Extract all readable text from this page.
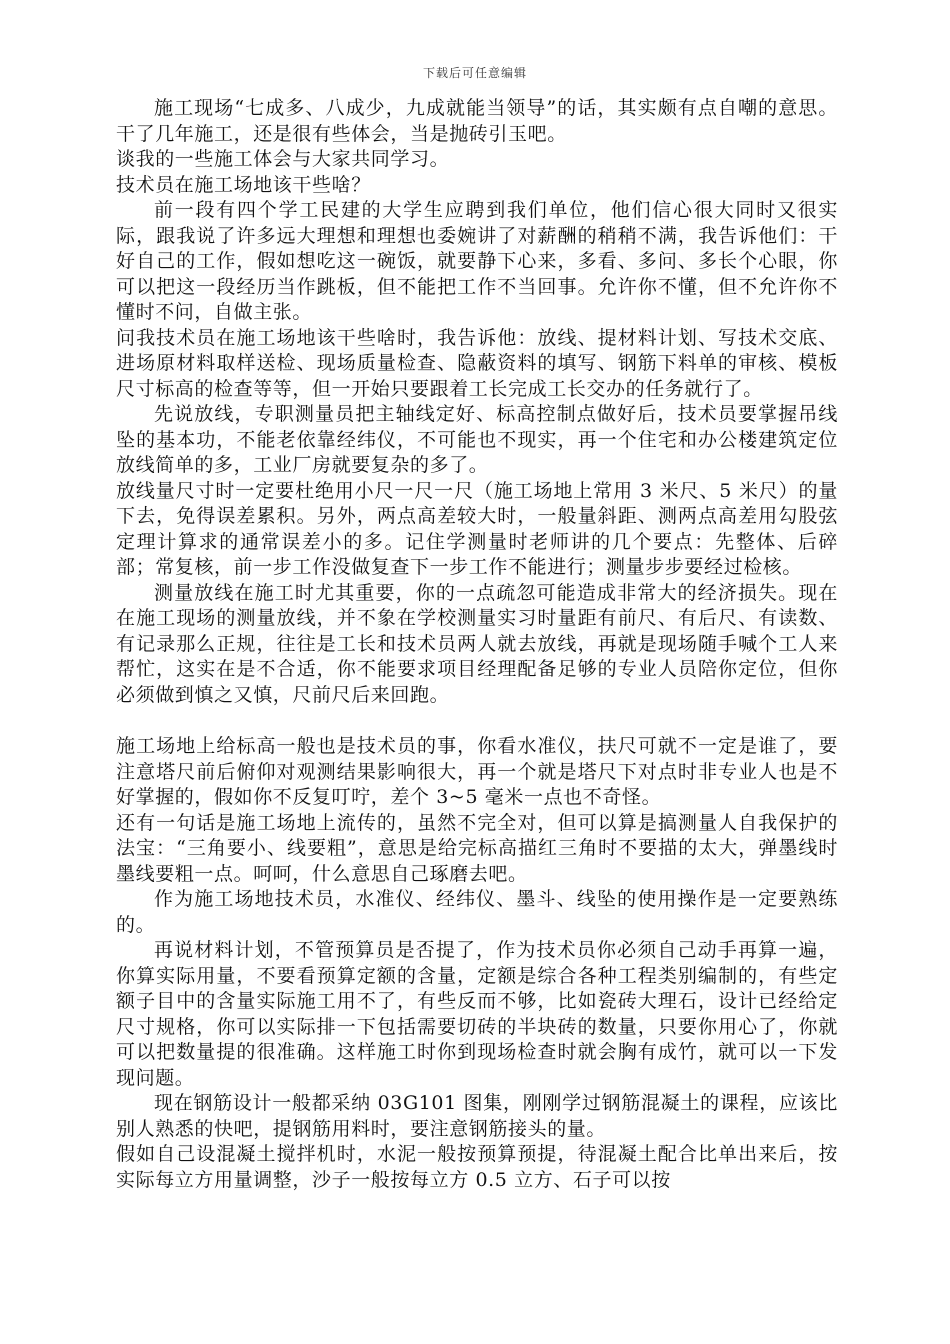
下载后可任意编辑

施工现场“七成多、八成少，九成就能当领导”的话，其实颇有点自嘲的意思。干了几年施工，还是很有些体会，当是抛砖引玉吧。

谈我的一些施工体会与大家共同学习。

技术员在施工场地该干些啥？

前一段有四个学工民建的大学生应聘到我们单位，他们信心很大同时又很实际，跟我说了许多远大理想和理想也委婉讲了对薪酬的稍稍不满，我告诉他们：干好自己的工作，假如想吃这一碗饭，就要静下心来，多看、多问、多长个心眼，你可以把这一段经历当作跳板，但不能把工作不当回事。允许你不懂，但不允许你不懂时不问，自做主张。

问我技术员在施工场地该干些啥时，我告诉他：放线、提材料计划、写技术交底、进场原材料取样送检、现场质量检查、隐蔽资料的填写、钢筋下料单的审核、模板尺寸标高的检查等等，但一开始只要跟着工长完成工长交办的任务就行了。

先说放线，专职测量员把主轴线定好、标高控制点做好后，技术员要掌握吊线坠的基本功，不能老依靠经纬仪，不可能也不现实，再一个住宅和办公楼建筑定位放线简单的多，工业厂房就要复杂的多了。

放线量尺寸时一定要杜绝用小尺一尺一尺（施工场地上常用 3 米尺、5 米尺）的量下去，免得误差累积。另外，两点高差较大时，一般量斜距、测两点高差用勾股弦定理计算求的通常误差小的多。记住学测量时老师讲的几个要点：先整体、后碎部；常复核，前一步工作没做复查下一步工作不能进行；测量步步要经过检核。

测量放线在施工时尤其重要，你的一点疏忽可能造成非常大的经济损失。现在在施工现场的测量放线，并不象在学校测量实习时量距有前尺、有后尺、有读数、有记录那么正规，往往是工长和技术员两人就去放线，再就是现场随手喊个工人来帮忙，这实在是不合适，你不能要求项目经理配备足够的专业人员陪你定位，但你必须做到慎之又慎，尺前尺后来回跑。

施工场地上给标高一般也是技术员的事，你看水准仪，扶尺可就不一定是谁了，要注意塔尺前后俯仰对观测结果影响很大，再一个就是塔尺下对点时非专业人也是不好掌握的，假如你不反复叮咛，差个 3~5 毫米一点也不奇怪。

还有一句话是施工场地上流传的，虽然不完全对，但可以算是搞测量人自我保护的法宝：“三角要小、线要粗”，意思是给完标高描红三角时不要描的太大，弹墨线时墨线要粗一点。呵呵，什么意思自己琢磨去吧。

作为施工场地技术员，水准仪、经纬仪、墨斗、线坠的使用操作是一定要熟练的。

再说材料计划，不管预算员是否提了，作为技术员你必须自己动手再算一遍，你算实际用量，不要看预算定额的含量，定额是综合各种工程类别编制的，有些定额子目中的含量实际施工用不了，有些反而不够，比如瓷砖大理石，设计已经给定尺寸规格，你可以实际排一下包括需要切砖的半块砖的数量，只要你用心了，你就可以把数量提的很准确。这样施工时你到现场检查时就会胸有成竹，就可以一下发现问题。

现在钢筋设计一般都采纳 03G101 图集，刚刚学过钢筋混凝土的课程，应该比别人熟悉的快吧，提钢筋用料时，要注意钢筋接头的量。

假如自己设混凝土搅拌机时，水泥一般按预算预提，待混凝土配合比单出来后，按实际每立方用量调整，沙子一般按每立方 0.5 立方、石子可以按
